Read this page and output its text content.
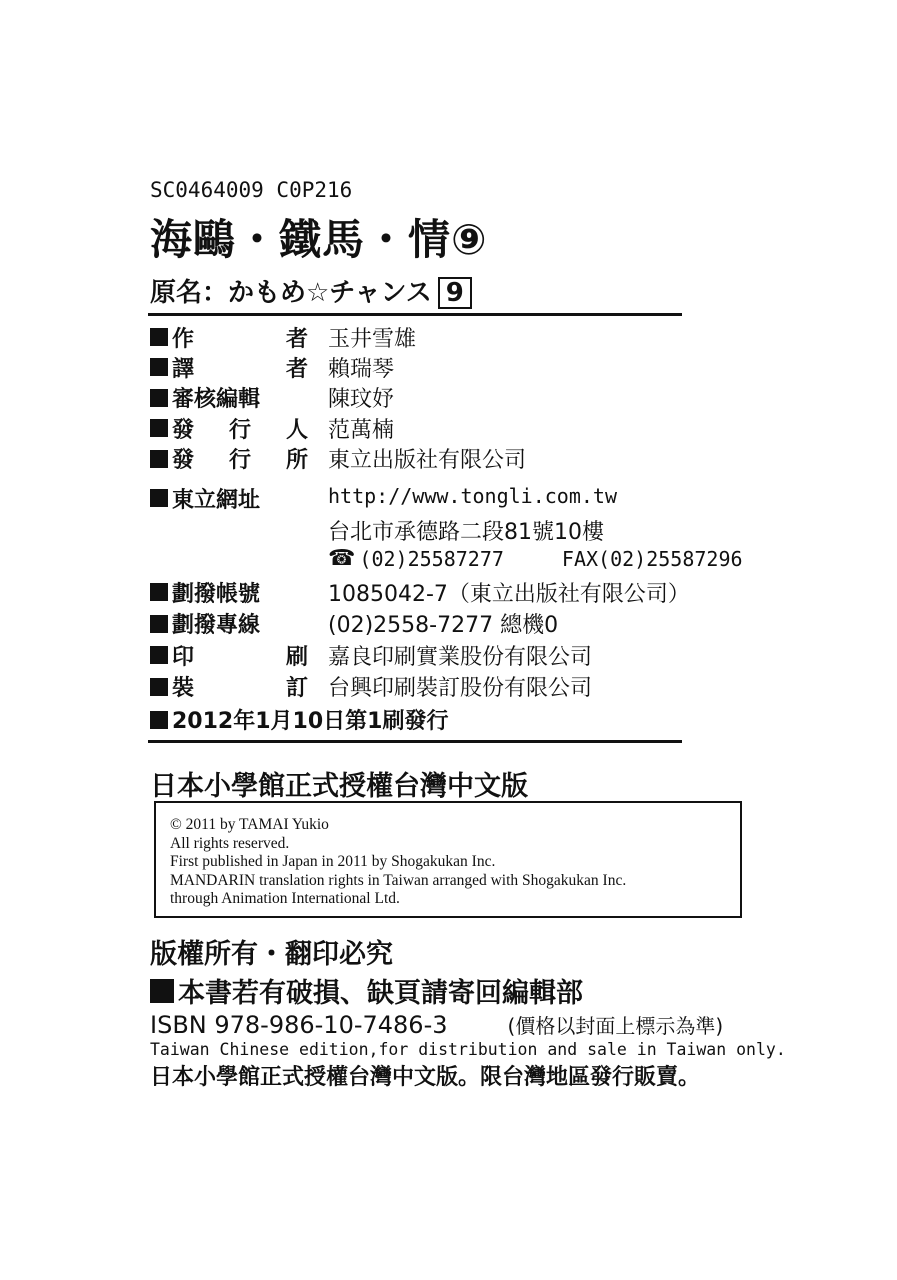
SC0464009 C0P216
海鷗・鐵馬・情⑨
原名：かもめ☆チャンス 9
作	者 玉井雪雄
譯	者 賴瑞琴
審核編輯	陳玟妤
發 行 人 范萬楠
發 行 所 東立出版社有限公司
東立網址	http://www.tongli.com.tw
台北市承德路二段81號10樓
☎ (02)25587277	FAX(02)25587296
劃撥帳號	1085042-7（東立出版社有限公司）
劃撥專線	(02)2558-7277 總機0
印	刷 嘉良印刷實業股份有限公司
裝	訂 台興印刷裝訂股份有限公司
2012年1月10日第1刷發行
日本小學館正式授權台灣中文版
© 2011 by TAMAI Yukio
All rights reserved.
First published in Japan in 2011 by Shogakukan Inc.
MANDARIN translation rights in Taiwan arranged with Shogakukan Inc.
through Animation International Ltd.
版權所有・翻印必究
本書若有破損、缺頁請寄回編輯部
ISBN 978-986-10-7486-3	(價格以封面上標示為準)
Taiwan Chinese edition,for distribution and sale in Taiwan only.
日本小學館正式授權台灣中文版。限台灣地區發行販賣。
